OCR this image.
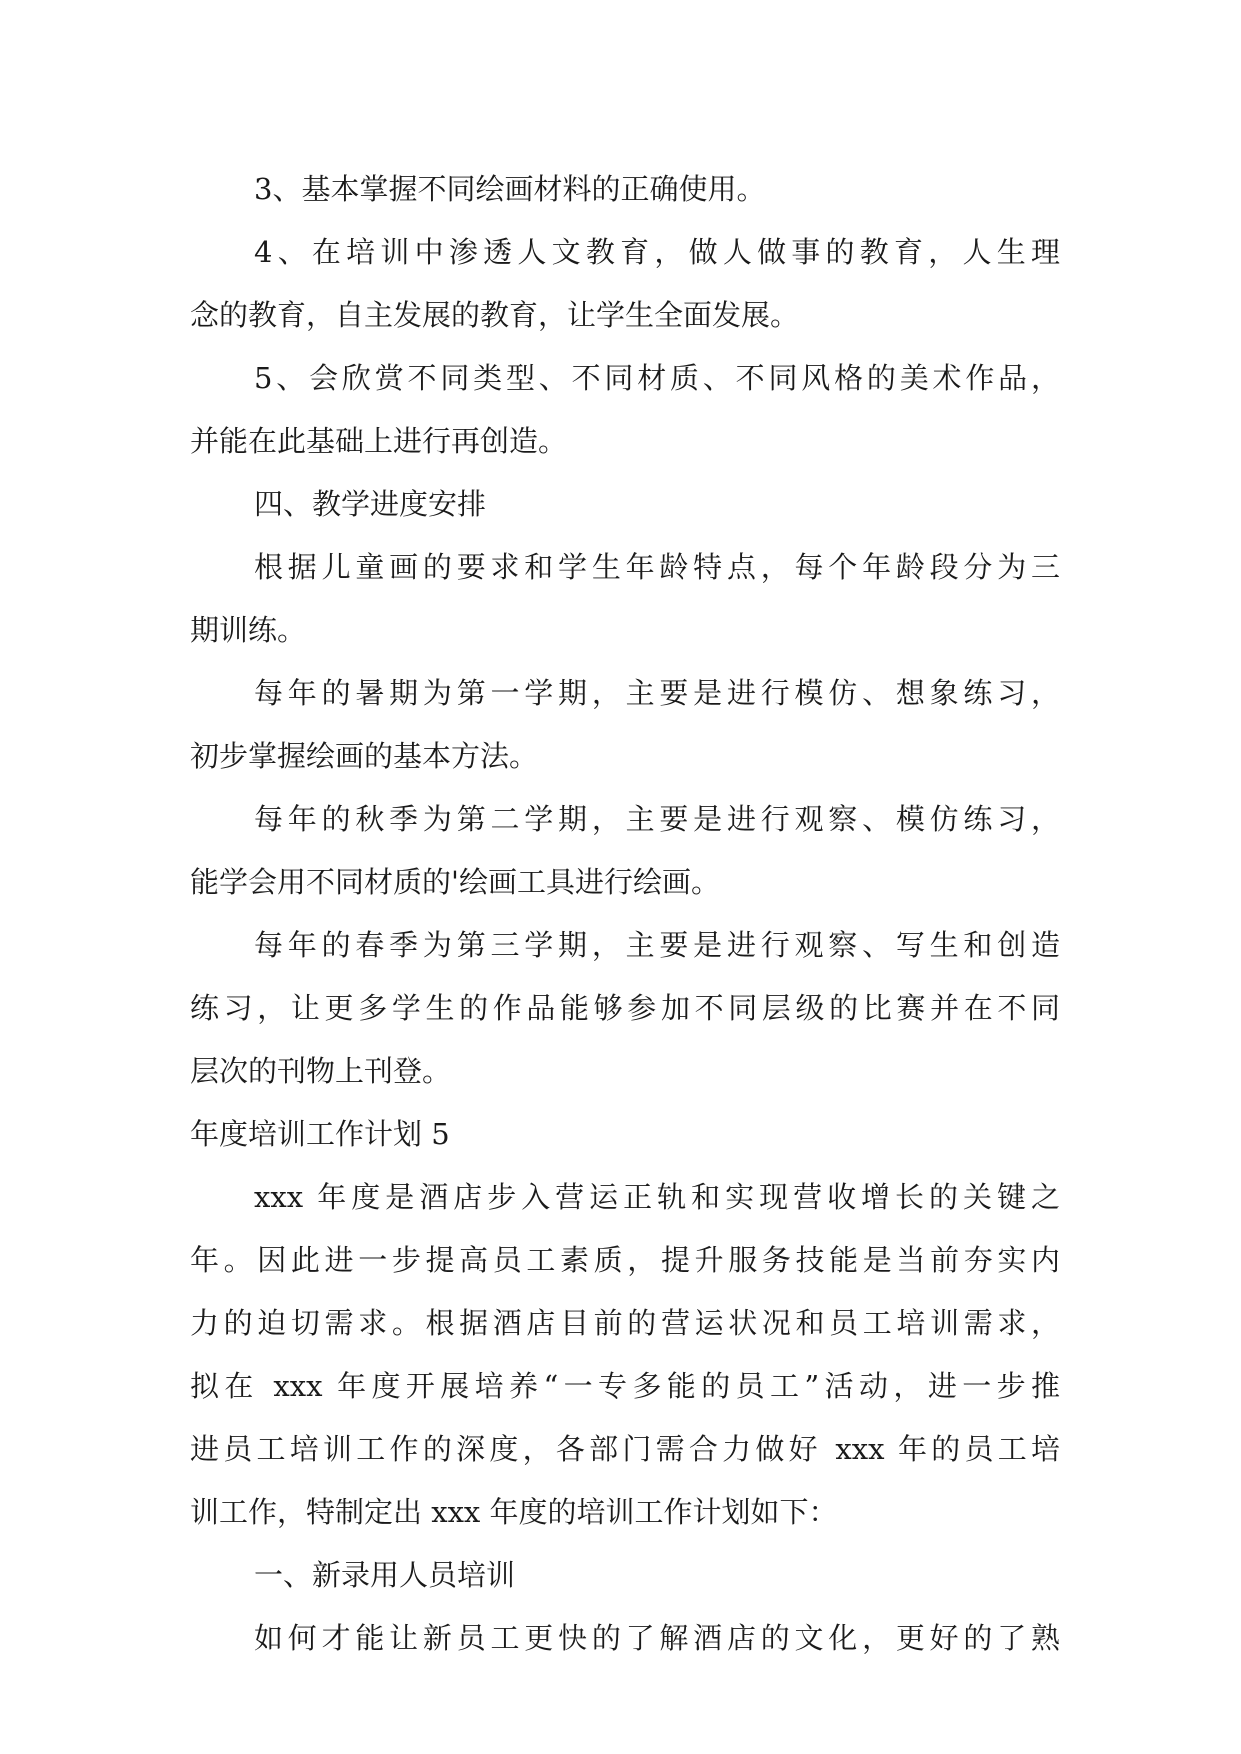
3、基本掌握不同绘画材料的正确使用。
4、在培训中渗透人文教育，做人做事的教育，人生理
念的教育，自主发展的教育，让学生全面发展。
5、会欣赏不同类型、不同材质、不同风格的美术作品，
并能在此基础上进行再创造。
四、教学进度安排
根据儿童画的要求和学生年龄特点，每个年龄段分为三
期训练。
每年的暑期为第一学期，主要是进行模仿、想象练习，
初步掌握绘画的基本方法。
每年的秋季为第二学期，主要是进行观察、模仿练习，
能学会用不同材质的'绘画工具进行绘画。
每年的春季为第三学期，主要是进行观察、写生和创造
练习，让更多学生的作品能够参加不同层级的比赛并在不同
层次的刊物上刊登。
年度培训工作计划 5
xxx 年度是酒店步入营运正轨和实现营收增长的关键之
年。因此进一步提高员工素质，提升服务技能是当前夯实内
力的迫切需求。根据酒店目前的营运状况和员工培训需求，
拟在 xxx 年度开展培养“一专多能的员工”活动，进一步推
进员工培训工作的深度，各部门需合力做好 xxx 年的员工培
训工作，特制定出 xxx 年度的培训工作计划如下：
一、新录用人员培训
如何才能让新员工更快的了解酒店的文化，更好的了熟
